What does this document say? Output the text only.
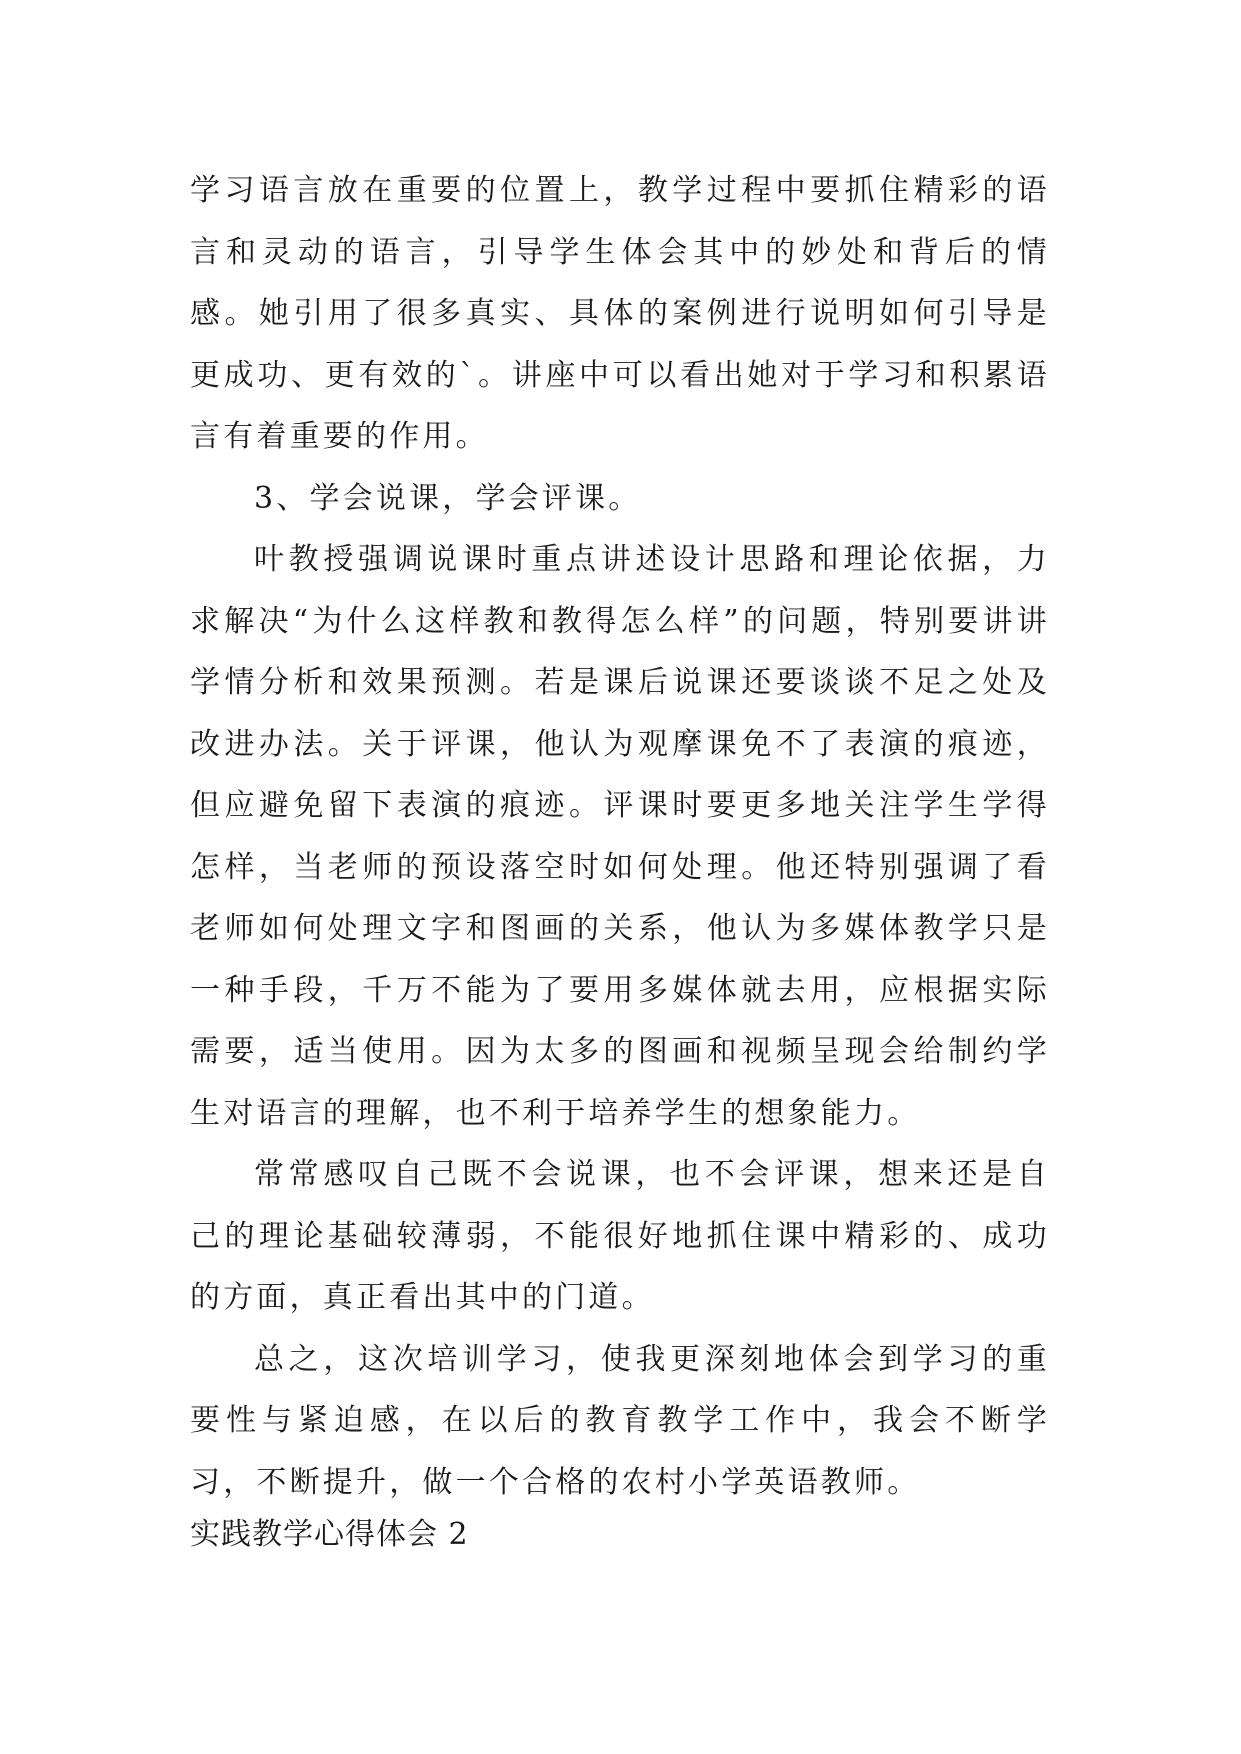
学习语言放在重要的位置上，教学过程中要抓住精彩的语言和灵动的语言，引导学生体会其中的妙处和背后的情感。她引用了很多真实、具体的案例进行说明如何引导是更成功、更有效的`。讲座中可以看出她对于学习和积累语言有着重要的作用。

3、学会说课，学会评课。

叶教授强调说课时重点讲述设计思路和理论依据，力求解决“为什么这样教和教得怎么样”的问题，特别要讲讲学情分析和效果预测。若是课后说课还要谈谈不足之处及改进办法。关于评课，他认为观摩课免不了表演的痕迹，但应避免留下表演的痕迹。评课时要更多地关注学生学得怎样，当老师的预设落空时如何处理。他还特别强调了看老师如何处理文字和图画的关系，他认为多媒体教学只是一种手段，千万不能为了要用多媒体就去用，应根据实际需要，适当使用。因为太多的图画和视频呈现会给制约学生对语言的理解，也不利于培养学生的想象能力。

常常感叹自己既不会说课，也不会评课，想来还是自己的理论基础较薄弱，不能很好地抓住课中精彩的、成功的方面，真正看出其中的门道。

总之，这次培训学习，使我更深刻地体会到学习的重要性与紧迫感，在以后的教育教学工作中，我会不断学习，不断提升，做一个合格的农村小学英语教师。

实践教学心得体会 2
